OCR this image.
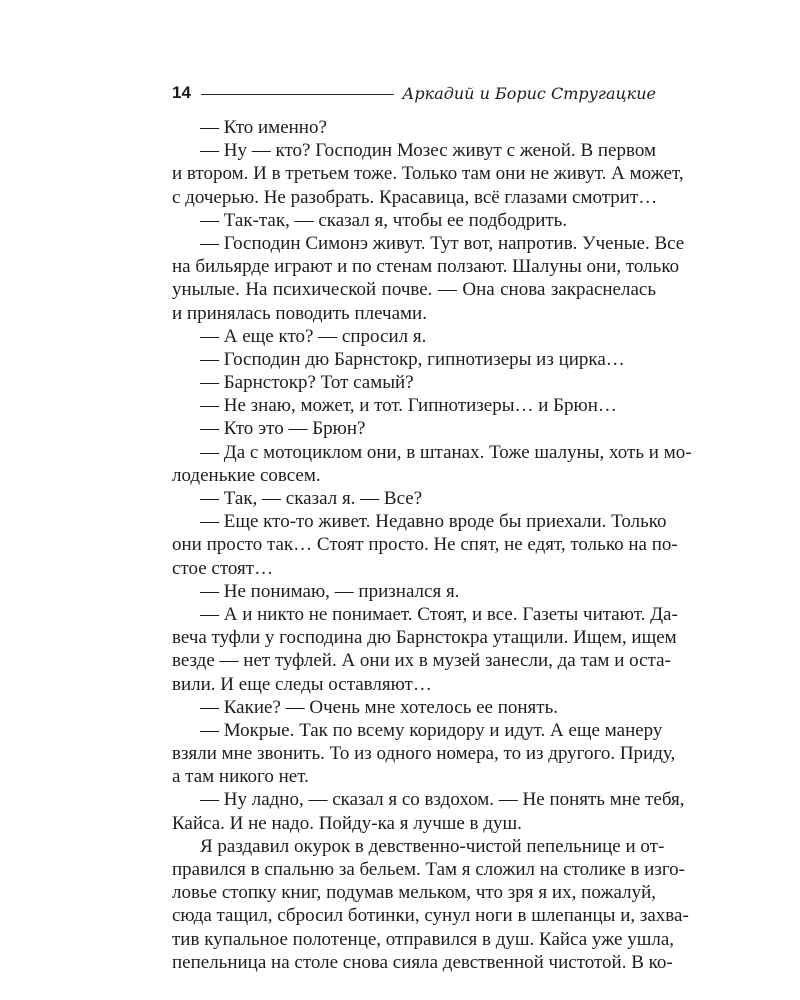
14	Аркадий и Борис Стругацкие
— Кто именно?
— Ну — кто? Господин Мозес живут с женой. В первом
и втором. И в третьем тоже. Только там они не живут. А может,
с дочерью. Не разобрать. Красавица, всё глазами смотрит…
— Так-так, — сказал я, чтобы ее подбодрить.
— Господин Симонэ живут. Тут вот, напротив. Ученые. Все
на бильярде играют и по стенам ползают. Шалуны они, только
унылые. На психической почве. — Она снова закраснелась
и принялась поводить плечами.
— А еще кто? — спросил я.
— Господин дю Барнстокр, гипнотизеры из цирка…
— Барнстокр? Тот самый?
— Не знаю, может, и тот. Гипнотизеры… и Брюн…
— Кто это — Брюн?
— Да с мотоциклом они, в штанах. Тоже шалуны, хоть и мо-
лоденькие совсем.
— Так, — сказал я. — Все?
— Еще кто-то живет. Недавно вроде бы приехали. Только
они просто так… Стоят просто. Не спят, не едят, только на по-
стое стоят…
— Не понимаю, — признался я.
— А и никто не понимает. Стоят, и все. Газеты читают. Да-
веча туфли у господина дю Барнстокра утащили. Ищем, ищем
везде — нет туфлей. А они их в музей занесли, да там и оста-
вили. И еще следы оставляют…
— Какие? — Очень мне хотелось ее понять.
— Мокрые. Так по всему коридору и идут. А еще манеру
взяли мне звонить. То из одного номера, то из другого. Приду,
а там никого нет.
— Ну ладно, — сказал я со вздохом. — Не понять мне тебя,
Кайса. И не надо. Пойду-ка я лучше в душ.
Я раздавил окурок в девственно-чистой пепельнице и от-
правился в спальню за бельем. Там я сложил на столике в изго-
ловье стопку книг, подумав мельком, что зря я их, пожалуй,
сюда тащил, сбросил ботинки, сунул ноги в шлепанцы и, захва-
тив купальное полотенце, отправился в душ. Кайса уже ушла,
пепельница на столе снова сияла девственной чистотой. В ко-
